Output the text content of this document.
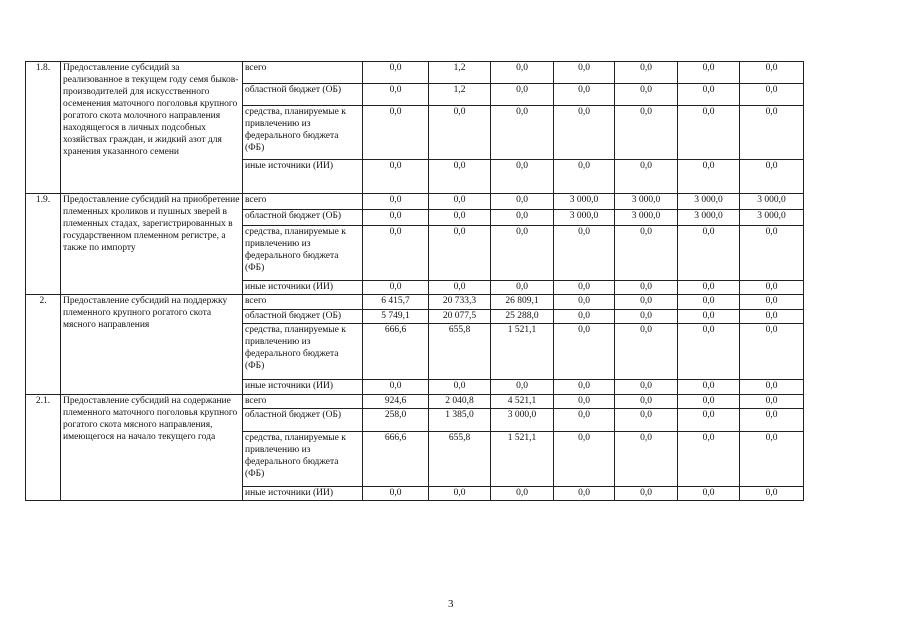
1.8.	Предоставление субсидий за реализованное в текущем году семя быков-производителей для искусственного осеменения маточного поголовья крупного рогатого скота молочного направления находящегося в личных подсобных хозяйствах граждан, и жидкий азот для хранения указанного семени	всего	0,0	1,2	0,0	0,0	0,0	0,0	0,0
		областной бюджет (ОБ)	0,0	1,2	0,0	0,0	0,0	0,0	0,0
		средства, планируемые к привлечению из федерального бюджета (ФБ)	0,0	0,0	0,0	0,0	0,0	0,0	0,0
		иные источники (ИИ)	0,0	0,0	0,0	0,0	0,0	0,0	0,0
1.9.	Предоставление субсидий на приобретение племенных кроликов и пушных зверей в племенных стадах, зарегистрированных в государственном племенном регистре, а также по импорту	всего	0,0	0,0	0,0	3 000,0	3 000,0	3 000,0	3 000,0
		областной бюджет (ОБ)	0,0	0,0	0,0	3 000,0	3 000,0	3 000,0	3 000,0
		средства, планируемые к привлечению из федерального бюджета (ФБ)	0,0	0,0	0,0	0,0	0,0	0,0	0,0
		иные источники (ИИ)	0,0	0,0	0,0	0,0	0,0	0,0	0,0
2.	Предоставление субсидий на поддержку племенного крупного рогатого скота мясного направления	всего	6 415,7	20 733,3	26 809,1	0,0	0,0	0,0	0,0
		областной бюджет (ОБ)	5 749,1	20 077,5	25 288,0	0,0	0,0	0,0	0,0
		средства, планируемые к привлечению из федерального бюджета (ФБ)	666,6	655,8	1 521,1	0,0	0,0	0,0	0,0
		иные источники (ИИ)	0,0	0,0	0,0	0,0	0,0	0,0	0,0
2.1.	Предоставление субсидий на содержание племенного маточного поголовья крупного рогатого скота мясного направления, имеющегося на начало текущего года	всего	924,6	2 040,8	4 521,1	0,0	0,0	0,0	0,0
		областной бюджет (ОБ)	258,0	1 385,0	3 000,0	0,0	0,0	0,0	0,0
		средства, планируемые к привлечению из федерального бюджета (ФБ)	666,6	655,8	1 521,1	0,0	0,0	0,0	0,0
		иные источники (ИИ)	0,0	0,0	0,0	0,0	0,0	0,0	0,0
3
